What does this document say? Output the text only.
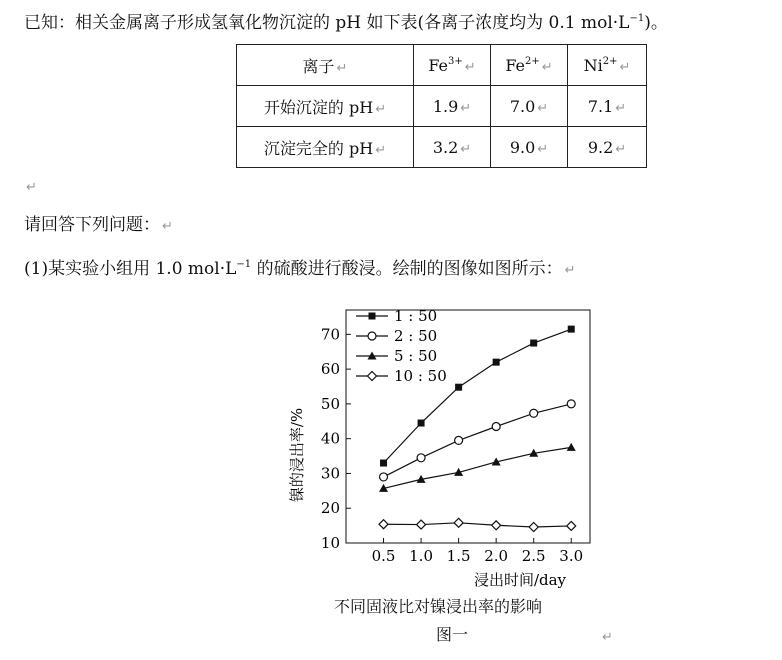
已知：相关金属离子形成氢氧化物沉淀的 pH 如下表(各离子浓度均为 0.1 $mol\cdot L^{-1}$)。
离子 ↵	$Fe^{3+}$ ↵	$Fe^{2+}$ ↵	$Ni^{2+}$ ↵
开始沉淀的 pH ↵	1.9 ↵	7.0 ↵	7.1 ↵
沉淀完全的 pH ↵	3.2 ↵	9.0 ↵	9.2 ↵
↵
请回答下列问题： ↵
(1)某实验小组用 1.0 $mol\cdot L^{-1}$ 的硫酸进行酸浸。绘制的图像如图所示： ↵
10
20
30
40
50
60
70
0.5 1.0 1.5 2.0 2.5 3.0
1 : 50
2 : 50
5 : 50
10 : 50
镍的浸出率/%
浸出时间/day
不同固液比对镍浸出率的影响
图一	↵
